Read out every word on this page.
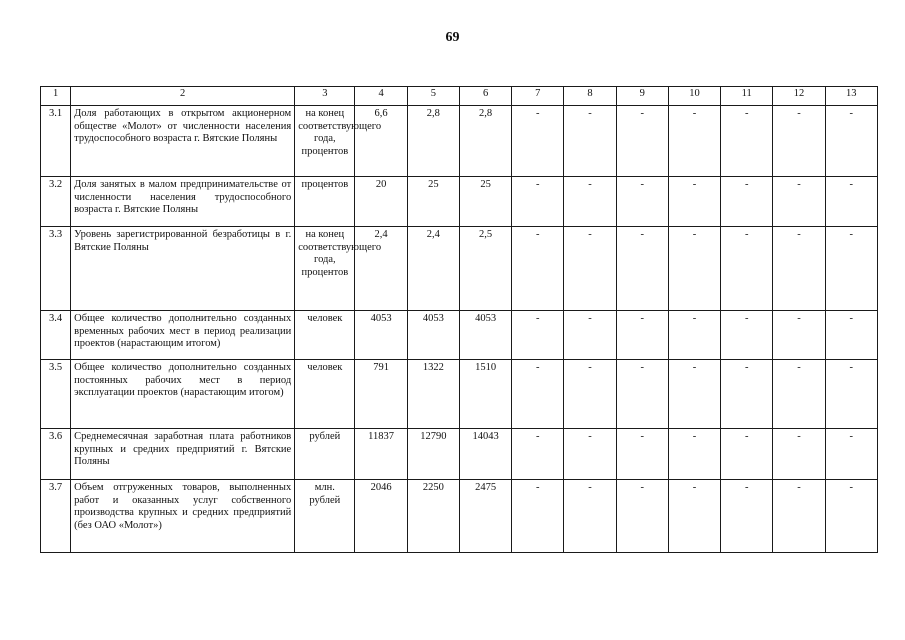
69
1	2	3	4	5	6	7	8	9	10	11	12	13
3.1	Доля работающих в открытом акционерном обществе «Молот» от численности населения трудоспособного возраста г. Вятские Поляны	на конец соответствующего года, процентов	6,6	2,8	2,8	-	-	-	-	-	-	-
3.2	Доля занятых в малом предпринимательстве от численности населения трудоспособного возраста г. Вятские Поляны	процентов	20	25	25	-	-	-	-	-	-	-
3.3	Уровень зарегистрированной безработицы в г. Вятские Поляны	на конец соответствующего года, процентов	2,4	2,4	2,5	-	-	-	-	-	-	-
3.4	Общее количество дополнительно созданных временных рабочих мест в период реализации проектов (нарастающим итогом)	человек	4053	4053	4053	-	-	-	-	-	-	-
3.5	Общее количество дополнительно созданных постоянных рабочих мест в период эксплуатации проектов (нарастающим итогом)	человек	791	1322	1510	-	-	-	-	-	-	-
3.6	Среднемесячная заработная плата работников крупных и средних предприятий г. Вятские Поляны	рублей	11837	12790	14043	-	-	-	-	-	-	-
3.7	Объем отгруженных товаров, выполненных работ и оказанных услуг собственного производства крупных и средних предприятий (без ОАО «Молот»)	млн. рублей	2046	2250	2475	-	-	-	-	-	-	-
